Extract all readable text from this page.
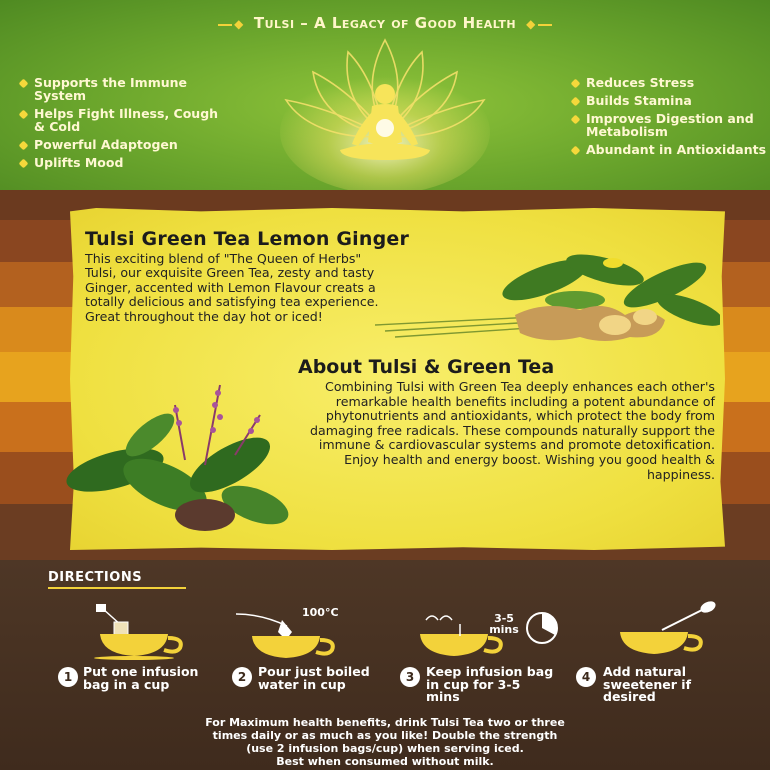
◆ Tulsi – A Legacy of Good Health ◆
Supports the Immune System
Helps Fight Illness, Cough & Cold
Powerful Adaptogen
Uplifts Mood
Reduces Stress
Builds Stamina
Improves Digestion and Metabolism
Abundant in Antioxidants
Tulsi Green Tea Lemon Ginger

This exciting blend of "The Queen of Herbs" Tulsi, our exquisite Green Tea, zesty and tasty Ginger, accented with Lemon Flavour creats a totally delicious and satisfying tea experience. Great throughout the day hot or iced!

About Tulsi & Green Tea

Combining Tulsi with Green Tea deeply enhances each other's remarkable health benefits including a potent abundance of phytonutrients and antioxidants, which protect the body from damaging free radicals. These compounds naturally support the immune & cardiovascular systems and promote detoxification. Enjoy health and energy boost. Wishing you good health & happiness.

DIRECTIONS
100°C	3-5 mins
1 Put one infusion bag in a cup	2 Pour just boiled water in cup	3 Keep infusion bag in cup for 3-5 mins
4	Add natural sweetener if desired
For Maximum health benefits, drink Tulsi Tea two or three
times daily or as much as you like! Double the strength
(use 2 infusion bags/cup) when serving iced.
Best when consumed without milk.
